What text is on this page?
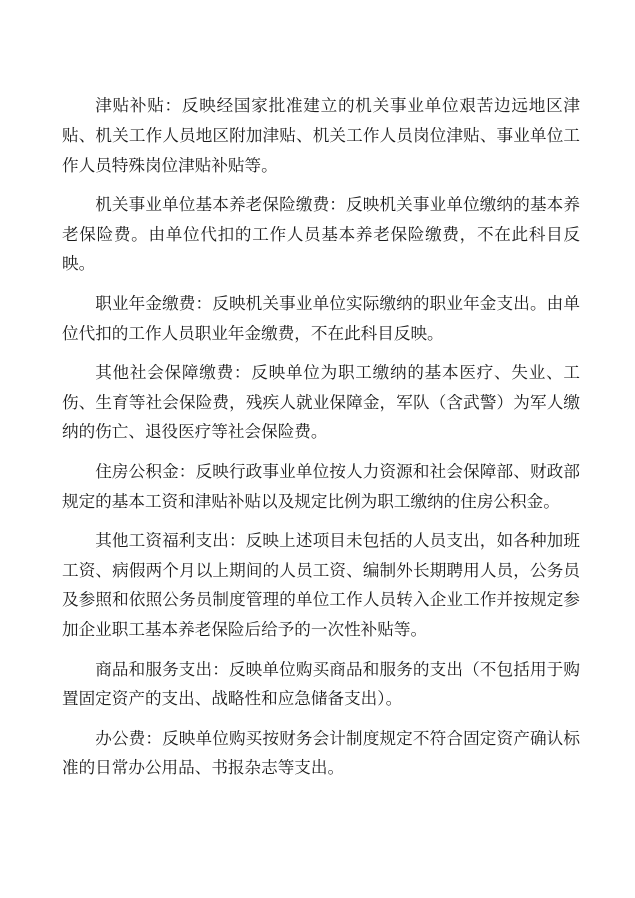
津贴补贴：反映经国家批准建立的机关事业单位艰苦边远地区津贴、机关工作人员地区附加津贴、机关工作人员岗位津贴、事业单位工作人员特殊岗位津贴补贴等。

机关事业单位基本养老保险缴费：反映机关事业单位缴纳的基本养老保险费。由单位代扣的工作人员基本养老保险缴费，不在此科目反映。

职业年金缴费：反映机关事业单位实际缴纳的职业年金支出。由单位代扣的工作人员职业年金缴费，不在此科目反映。

其他社会保障缴费：反映单位为职工缴纳的基本医疗、失业、工伤、生育等社会保险费，残疾人就业保障金，军队（含武警）为军人缴纳的伤亡、退役医疗等社会保险费。

住房公积金：反映行政事业单位按人力资源和社会保障部、财政部规定的基本工资和津贴补贴以及规定比例为职工缴纳的住房公积金。

其他工资福利支出：反映上述项目未包括的人员支出，如各种加班工资、病假两个月以上期间的人员工资、编制外长期聘用人员，公务员及参照和依照公务员制度管理的单位工作人员转入企业工作并按规定参加企业职工基本养老保险后给予的一次性补贴等。

商品和服务支出：反映单位购买商品和服务的支出（不包括用于购置固定资产的支出、战略性和应急储备支出）。

办公费：反映单位购买按财务会计制度规定不符合固定资产确认标准的日常办公用品、书报杂志等支出。
